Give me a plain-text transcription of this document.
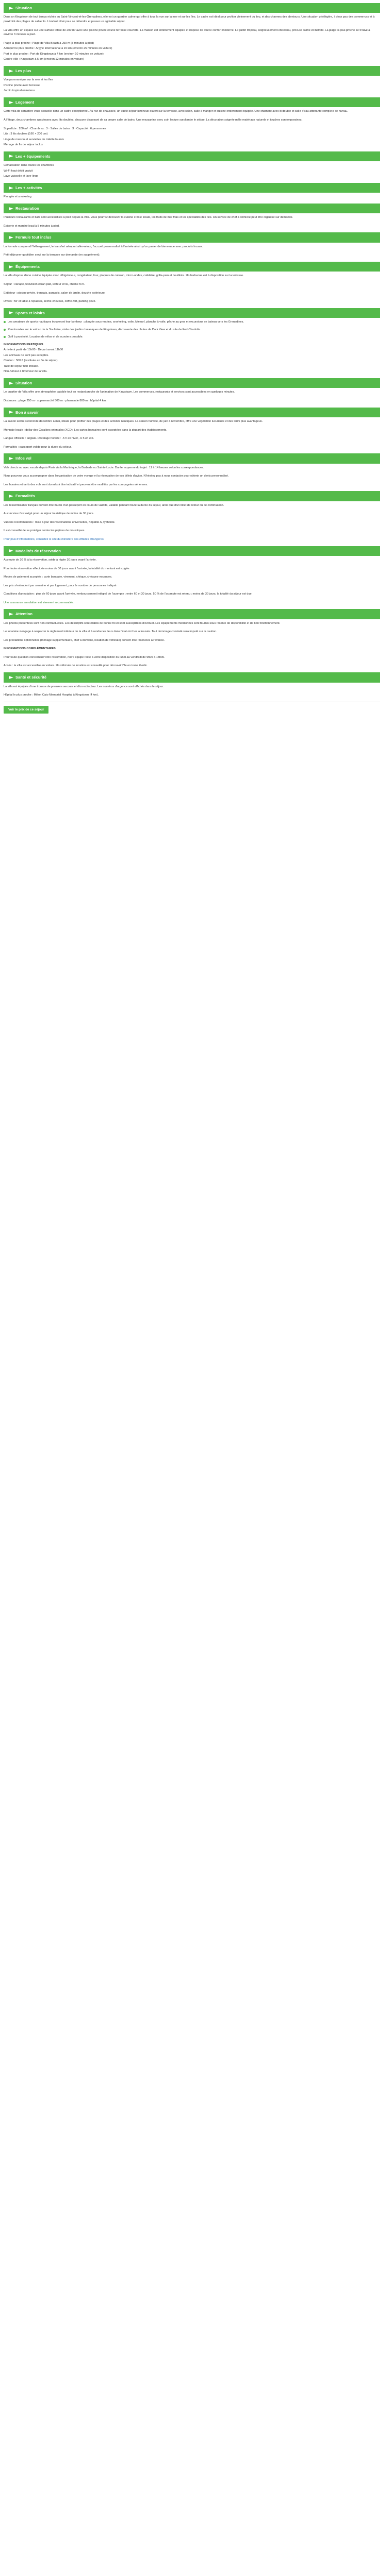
Situation
Dans un Kingstown de tout temps nichés au Saint-Vincent-et-les-Grenadines, elle est un quartier calme qui offre à tous la vue sur la mer et sur les îles. Le cadre est idéal pour profiter pleinement du lieu, et des charmes des alentours. Une situation privilégiée, à deux pas des commerces et à proximité des plages de sable fin. L'endroit rêvé pour se détendre et passer un agréable séjour.
La villa offre un espace sur une surface totale de 200 m² avec une piscine privée et une terrasse couverte. La maison est entièrement équipée et dispose de tout le confort moderne. Le jardin tropical, soigneusement entretenu, procure calme et intimité. La plage la plus proche se trouve à environ 3 minutes à pied.
Plage la plus proche : Plage de Villa Beach à 250 m (3 minutes à pied)
Aéroport le plus proche : Argyle International à 15 km (environ 25 minutes en voiture)
Port le plus proche : Port de Kingstown à 4 km (environ 10 minutes en voiture)
Centre-ville : Kingstown à 5 km (environ 12 minutes en voiture)
Les plus
Vue panoramique sur la mer et les îles
Piscine privée avec terrasse
Jardin tropical entretenu
Logement
Cette villa de caractère vous accueille dans un cadre exceptionnel. Au rez-de-chaussée, un vaste séjour lumineux ouvert sur la terrasse, avec salon, salle à manger et cuisine entièrement équipée. Une chambre avec lit double et salle d'eau attenante complète ce niveau.
À l'étage, deux chambres spacieuses avec lits doubles, chacune disposant de sa propre salle de bains. Une mezzanine avec coin lecture surplombe le séjour. La décoration soignée mêle matériaux naturels et touches contemporaines.
Superficie : 200 m² · Chambres : 3 · Salles de bains : 3 · Capacité : 6 personnes
Lits : 3 lits doubles (160 × 200 cm)
Linge de maison et serviettes de toilette fournis
Ménage de fin de séjour inclus
Les + équipements
Climatisation dans toutes les chambres
Wi-Fi haut débit gratuit
Lave-vaisselle et lave-linge
Les + activités
Plongée et snorkeling
Restauration
Plusieurs restaurants et bars sont accessibles à pied depuis la villa. Vous pourrez découvrir la cuisine créole locale, les fruits de mer frais et les spécialités des îles. Un service de chef à domicile peut être organisé sur demande.
Épicerie et marché local à 5 minutes à pied.
Formule tout inclus
La formule comprend l'hébergement, le transfert aéroport aller-retour, l'accueil personnalisé à l'arrivée ainsi qu'un panier de bienvenue avec produits locaux.
Petit-déjeuner quotidien servi sur la terrasse sur demande (en supplément).
Équipements
La villa dispose d'une cuisine équipée avec réfrigérateur, congélateur, four, plaques de cuisson, micro-ondes, cafetière, grille-pain et bouilloire. Un barbecue est à disposition sur la terrasse.
Séjour : canapé, télévision écran plat, lecteur DVD, chaîne hi-fi.
Extérieur : piscine privée, transats, parasols, salon de jardin, douche extérieure.
Divers : fer et table à repasser, sèche-cheveux, coffre-fort, parking privé.
Sports et loisirs
Les amateurs de sports nautiques trouveront leur bonheur : plongée sous-marine, snorkeling, voile, kitesurf, planche à voile, pêche au gros et excursions en bateau vers les Grenadines.
Randonnées sur le volcan de la Soufrière, visite des jardins botaniques de Kingstown, découverte des chutes de Dark View et du site de Fort Charlotte.
Golf à proximité. Location de vélos et de scooters possible.
INFORMATIONS PRATIQUES
Arrivée à partir de 15h00 · Départ avant 11h00
Les animaux ne sont pas acceptés.
Caution : 500 € (restituée en fin de séjour)
Taxe de séjour non incluse.
Non-fumeur à l'intérieur de la villa.
Situation
Le quartier de Villa offre une atmosphère paisible tout en restant proche de l'animation de Kingstown. Les commerces, restaurants et services sont accessibles en quelques minutes.
Distances : plage 250 m · supermarché 500 m · pharmacie 800 m · hôpital 4 km.
Bon à savoir
La saison sèche s'étend de décembre à mai, idéale pour profiter des plages et des activités nautiques. La saison humide, de juin à novembre, offre une végétation luxuriante et des tarifs plus avantageux.
Monnaie locale : dollar des Caraïbes orientales (XCD). Les cartes bancaires sont acceptées dans la plupart des établissements.
Langue officielle : anglais. Décalage horaire : -5 h en hiver, -6 h en été.
Formalités : passeport valide pour la durée du séjour.
Infos vol
Vols directs ou avec escale depuis Paris via la Martinique, la Barbade ou Sainte-Lucie. Durée moyenne du trajet : 11 à 14 heures selon les correspondances.
Nous pouvons vous accompagner dans l'organisation de votre voyage et la réservation de vos billets d'avion. N'hésitez pas à nous contacter pour obtenir un devis personnalisé.
Les horaires et tarifs des vols sont donnés à titre indicatif et peuvent être modifiés par les compagnies aériennes.
Formalités
Les ressortissants français doivent être munis d'un passeport en cours de validité, valable pendant toute la durée du séjour, ainsi que d'un billet de retour ou de continuation.
Aucun visa n'est exigé pour un séjour touristique de moins de 30 jours.
Vaccins recommandés : mise à jour des vaccinations universelles, hépatite A, typhoïde.
Il est conseillé de se protéger contre les piqûres de moustiques.
Pour plus d'informations, consultez le site du ministère des Affaires étrangères.
Modalités de réservation
Acompte de 30 % à la réservation, solde à régler 30 jours avant l'arrivée.
Pour toute réservation effectuée moins de 30 jours avant l'arrivée, la totalité du montant est exigée.
Modes de paiement acceptés : carte bancaire, virement, chèque, chèques-vacances.
Les prix s'entendent par semaine et par logement, pour le nombre de personnes indiqué.
Conditions d'annulation : plus de 60 jours avant l'arrivée, remboursement intégral de l'acompte ; entre 60 et 30 jours, 50 % de l'acompte est retenu ; moins de 30 jours, la totalité du séjour est due.
Une assurance annulation est vivement recommandée.
Attention
Les photos présentées sont non contractuelles. Les descriptifs sont établis de bonne foi et sont susceptibles d'évoluer. Les équipements mentionnés sont fournis sous réserve de disponibilité et de bon fonctionnement.
Le locataire s'engage à respecter le règlement intérieur de la villa et à rendre les lieux dans l'état où il les a trouvés. Tout dommage constaté sera imputé sur la caution.
Les prestations optionnelles (ménage supplémentaire, chef à domicile, location de véhicule) doivent être réservées à l'avance.
INFORMATIONS COMPLÉMENTAIRES
Pour toute question concernant votre réservation, notre équipe reste à votre disposition du lundi au vendredi de 9h00 à 18h00.
Accès : la villa est accessible en voiture. Un véhicule de location est conseillé pour découvrir l'île en toute liberté.
Santé et sécurité
La villa est équipée d'une trousse de premiers secours et d'un extincteur. Les numéros d'urgence sont affichés dans le séjour.
Hôpital le plus proche : Milton Cato Memorial Hospital à Kingstown (4 km).
Voir le prix de ce séjour
